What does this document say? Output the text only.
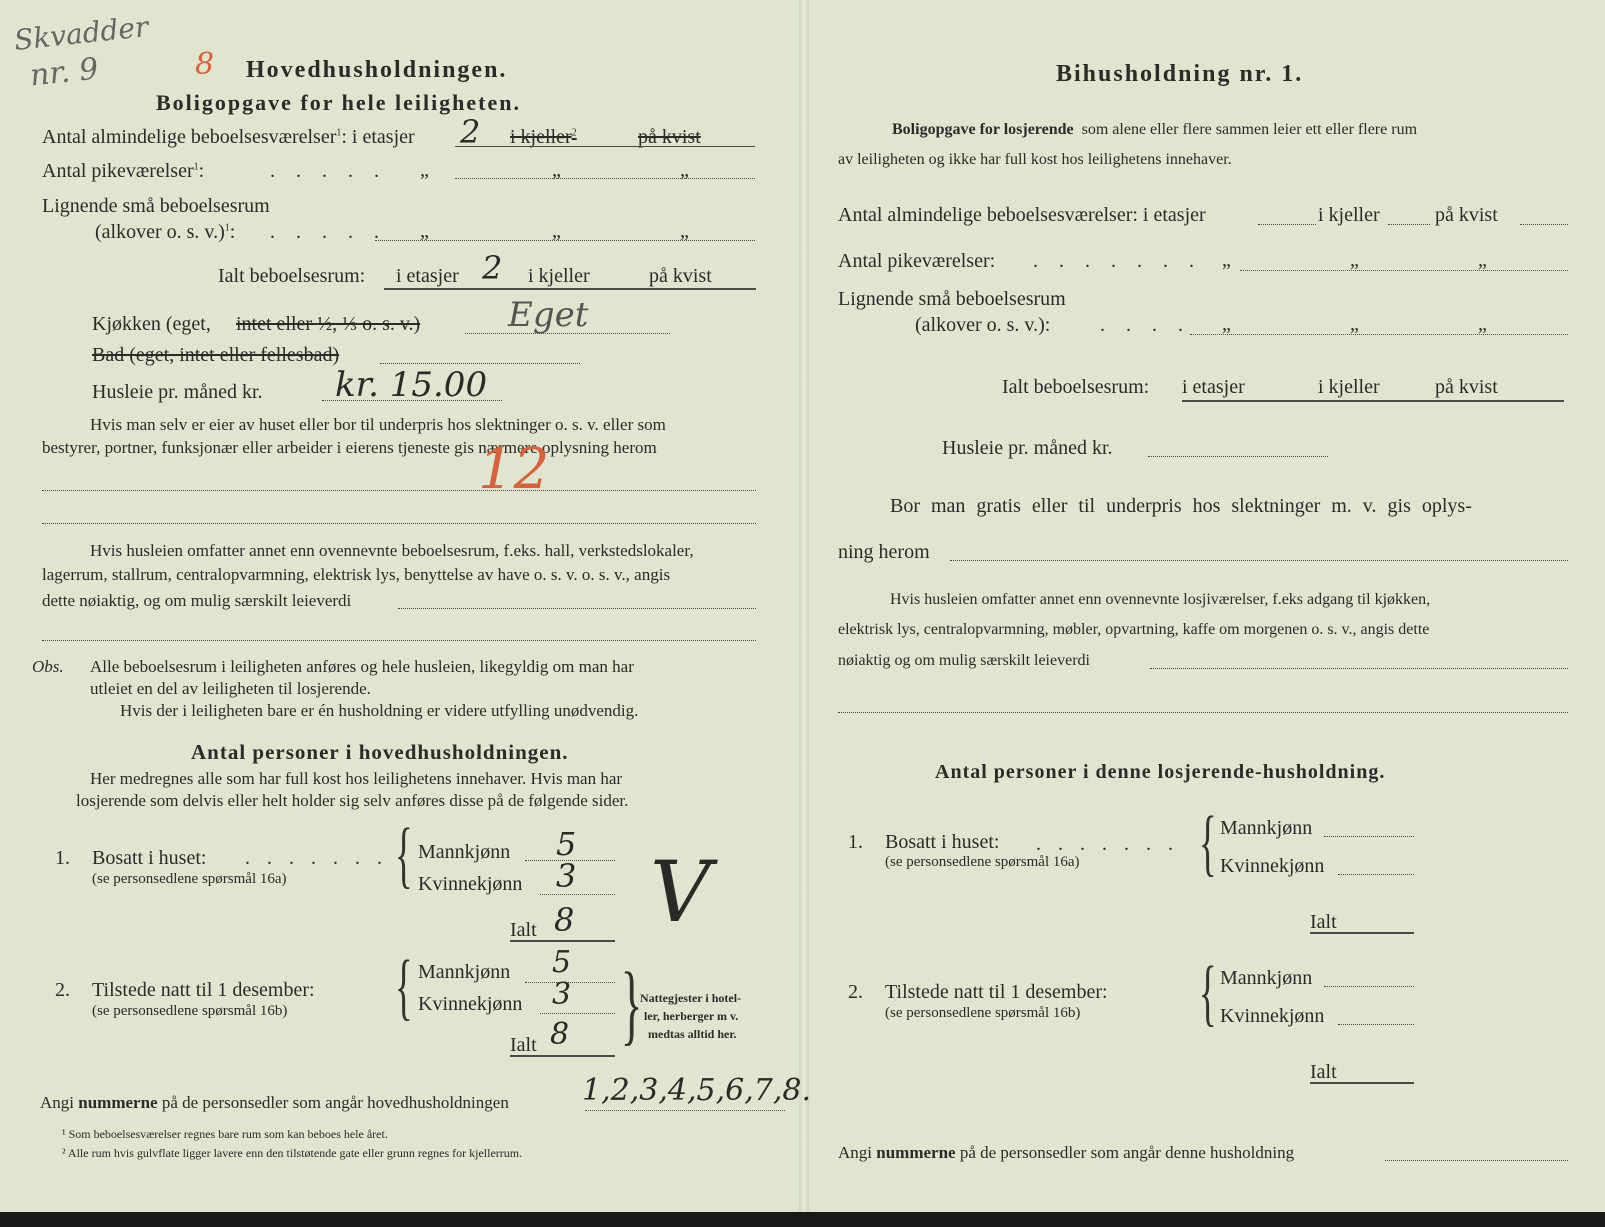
Skvadder
nr. 9	8 Hovedhusholdningen.
Boligopgave for hele leiligheten.
Antal almindelige beboelsesværelser$^1$: i etasjer 2 i kjeller$^2$	på kvist
Antal pikeværelser$^1$:	. . . . . „	„	„
Lignende små beboelsesrum
(alkover o. s. v.)$^1$: . . . . . „	„	„
Ialt beboelsesrum: i etasjer 2 i kjeller	på kvist
Kjøkken (eget, intet eller ½, ⅓ o. s. v.)	Eget
Bad (eget, intet eller fellesbad)
Husleie pr. måned kr. kr. 15.00
Hvis man selv er eier av huset eller bor til underpris hos slektninger o. s. v. eller som
bestyrer, portner, funksjonær eller arbeider i eierens tjeneste gis nærmere oplysning herom
12
Hvis husleien omfatter annet enn ovennevnte beboelsesrum, f.eks. hall, verkstedslokaler,
lagerrum, stallrum, centralopvarmning, elektrisk lys, benyttelse av have o. s. v. o. s. v., angis
dette nøiaktig, og om mulig særskilt leieverdi
Obs. Alle beboelsesrum i leiligheten anføres og hele husleien, likegyldig om man har
utleiet en del av leiligheten til losjerende.
Hvis der i leiligheten bare er én husholdning er videre utfylling unødvendig.
Antal personer i hovedhusholdningen.
Her medregnes alle som har full kost hos leilighetens innehaver. Hvis man har
losjerende som delvis eller helt holder sig selv anføres disse på de følgende sider.
1. Bosatt i huset: . . . . . . .
(se personsedlene spørsmål 16a) { Mannkjønn 5
Kvinnekjønn 3
Ialt 8 V
2. Tilstede natt til 1 desember:
(se personsedlene spørsmål 16b) { Mannkjønn 5
Kvinnekjønn 3
Ialt 8 }
Nattegjester i hotel-
ler, herberger m v.
medtas alltid her.
Angi nummerne på de personsedler som angår hovedhusholdningen 1,2,3,4,5,6,7,8.
¹ Som beboelsesværelser regnes bare rum som kan beboes hele året.
² Alle rum hvis gulvflate ligger lavere enn den tilstøtende gate eller grunn regnes for kjellerrum.
Bihusholdning nr. 1.
Boligopgave for losjerende som alene eller flere sammen leier ett eller flere rum
av leiligheten og ikke har full kost hos leilighetens innehaver.
Antal almindelige beboelsesværelser: i etasjer	i kjeller	på kvist
Antal pikeværelser: . . . . . . . „	„	„
Lignende små beboelsesrum
(alkover o. s. v.): . . . . „	„	„
Ialt beboelsesrum: i etasjer	i kjeller	på kvist
Husleie pr. måned kr.
Bor man gratis eller til underpris hos slektninger m. v. gis oplys-
ning herom
Hvis husleien omfatter annet enn ovennevnte losjiværelser, f.eks adgang til kjøkken,
elektrisk lys, centralopvarmning, møbler, opvartning, kaffe om morgenen o. s. v., angis dette
nøiaktig og om mulig særskilt leieverdi
Antal personer i denne losjerende-husholdning.
1. Bosatt i huset: . . . . . . .
(se personsedlene spørsmål 16a) { Mannkjønn
Kvinnekjønn
Ialt
2. Tilstede natt til 1 desember:
(se personsedlene spørsmål 16b) { Mannkjønn
Kvinnekjønn
Ialt
Angi nummerne på de personsedler som angår denne husholdning
